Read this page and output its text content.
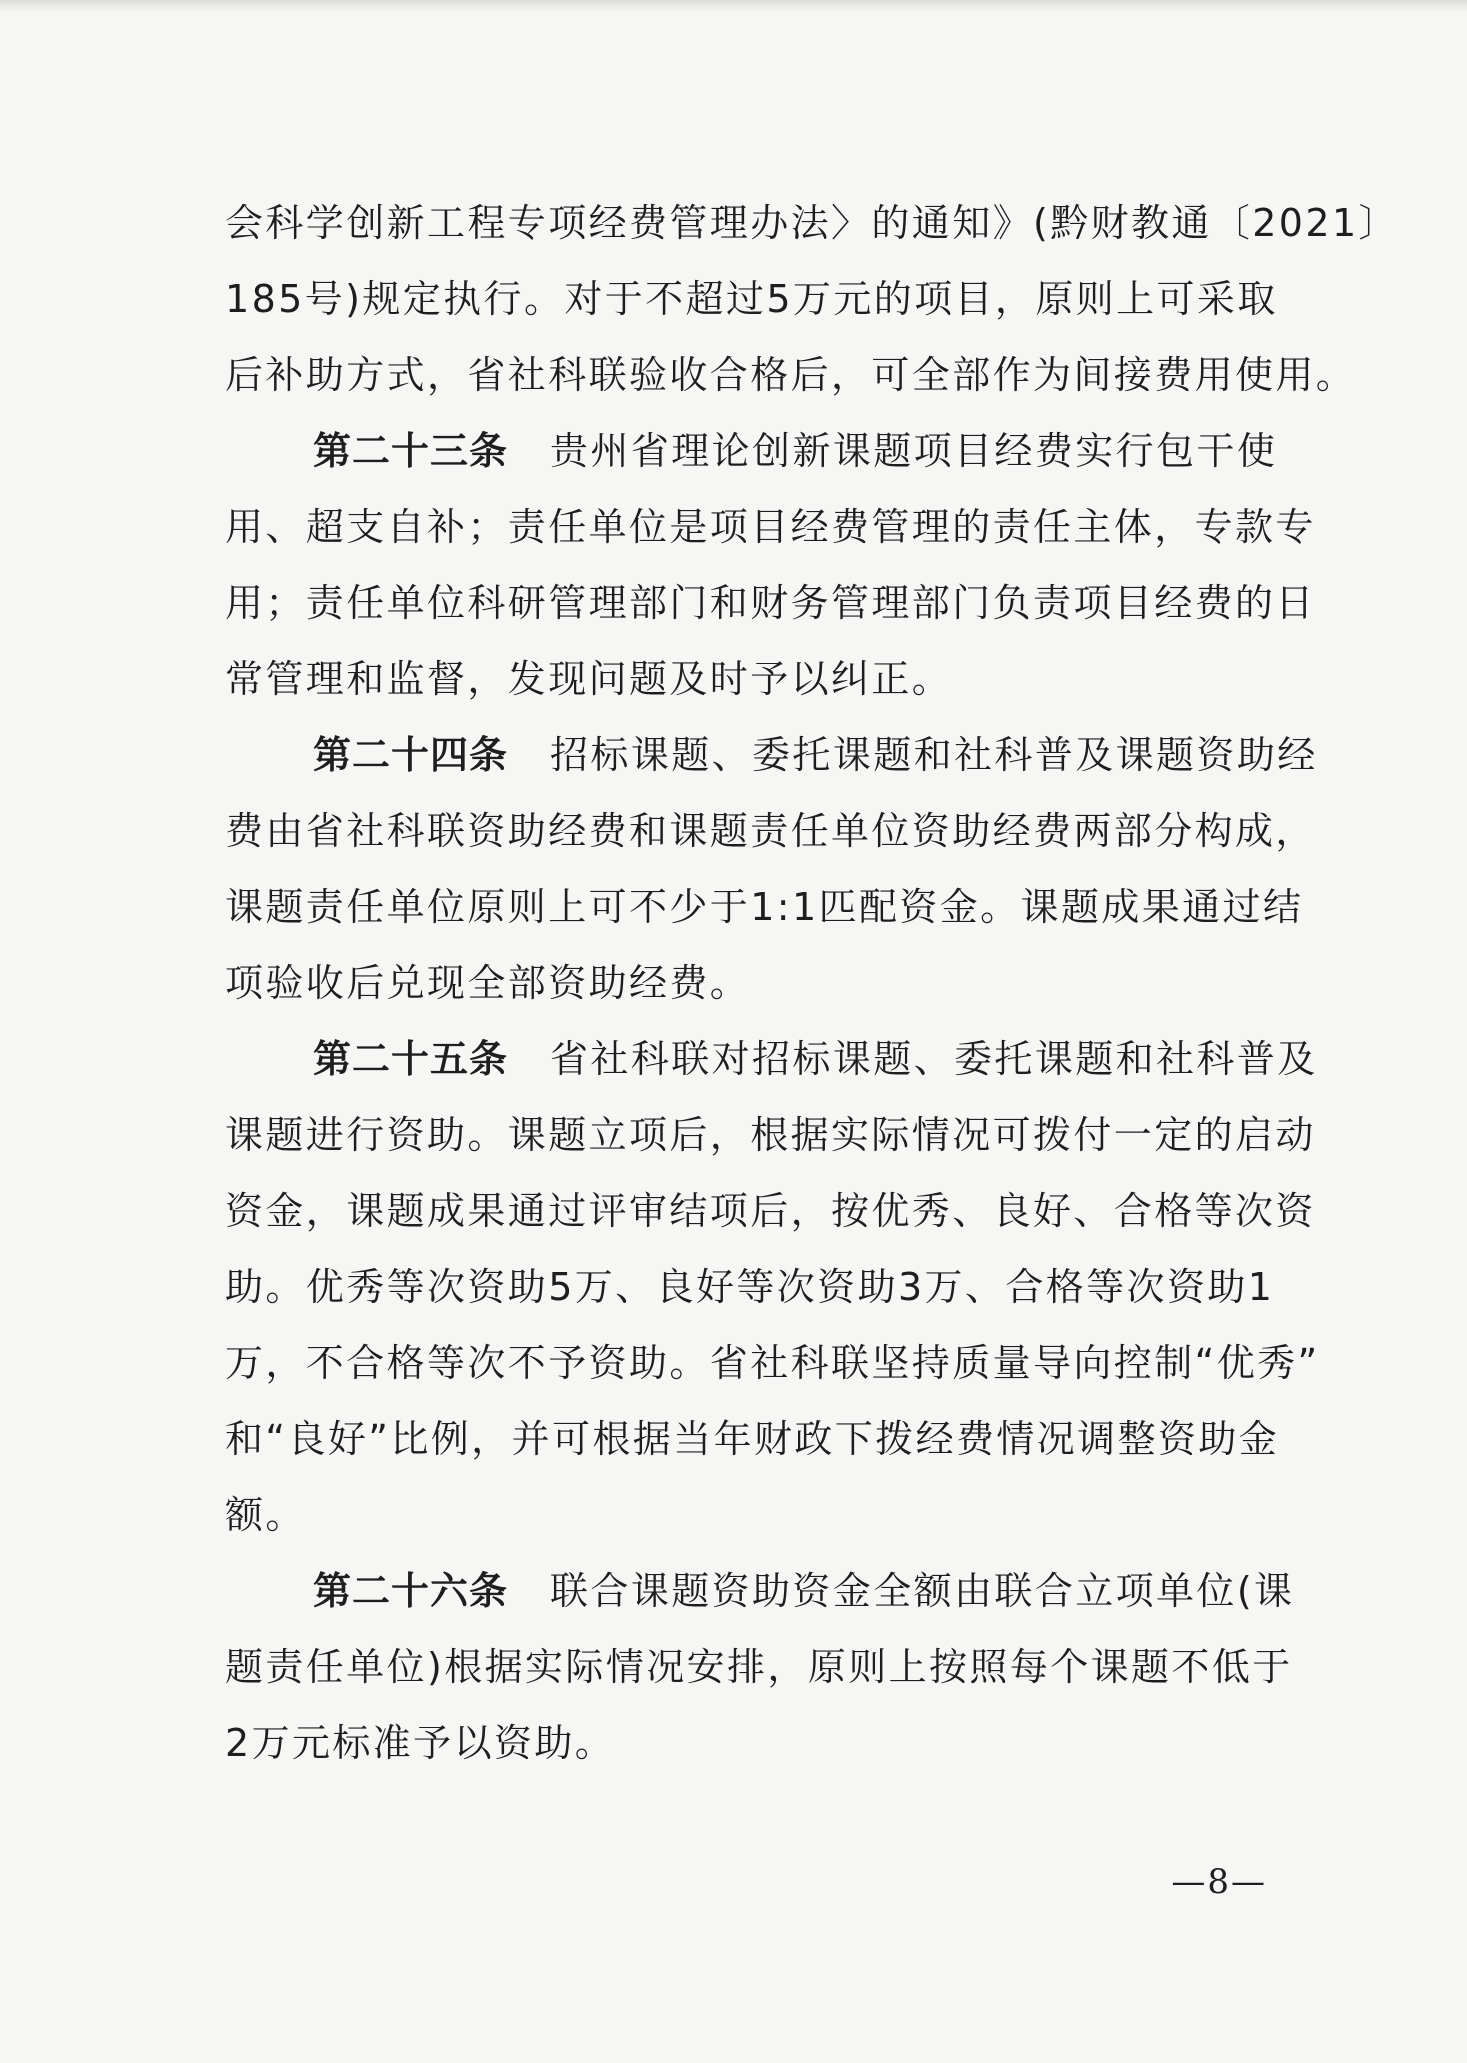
会科学创新工程专项经费管理办法〉的通知》(黔财教通〔2021〕
185号)规定执行。对于不超过5万元的项目，原则上可采取
后补助方式，省社科联验收合格后，可全部作为间接费用使用。
第二十三条 贵州省理论创新课题项目经费实行包干使
用、超支自补；责任单位是项目经费管理的责任主体，专款专
用；责任单位科研管理部门和财务管理部门负责项目经费的日
常管理和监督，发现问题及时予以纠正。
第二十四条 招标课题、委托课题和社科普及课题资助经
费由省社科联资助经费和课题责任单位资助经费两部分构成，
课题责任单位原则上可不少于1:1匹配资金。课题成果通过结
项验收后兑现全部资助经费。
第二十五条 省社科联对招标课题、委托课题和社科普及
课题进行资助。课题立项后，根据实际情况可拨付一定的启动
资金，课题成果通过评审结项后，按优秀、良好、合格等次资
助。优秀等次资助5万、良好等次资助3万、合格等次资助1
万，不合格等次不予资助。省社科联坚持质量导向控制“优秀”
和“良好”比例，并可根据当年财政下拨经费情况调整资助金
额。
第二十六条 联合课题资助资金全额由联合立项单位(课
题责任单位)根据实际情况安排，原则上按照每个课题不低于
2万元标准予以资助。
—8—
